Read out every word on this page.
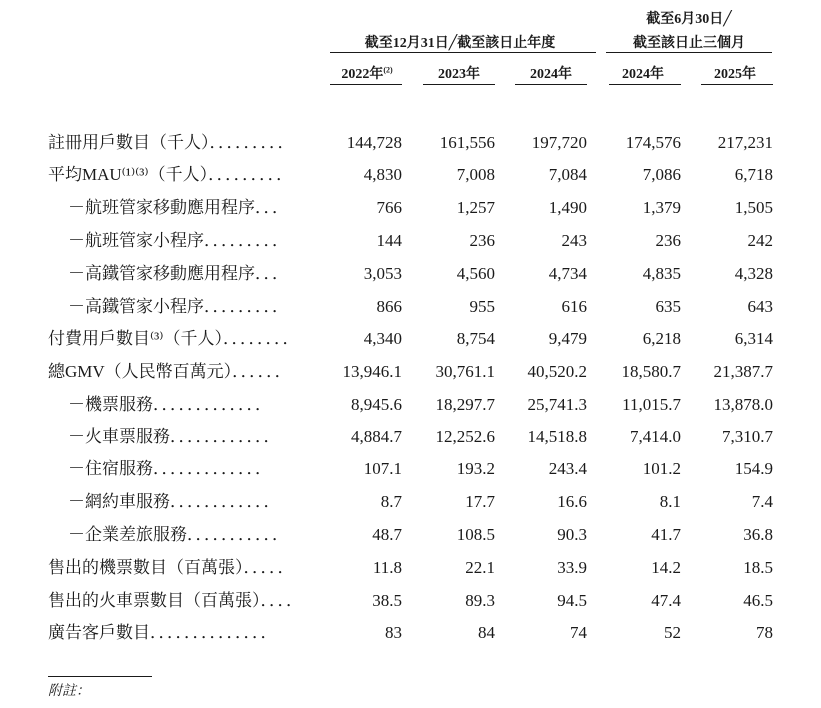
截至12月31日╱截至該日止年度
截至6月30日╱
截至該日止三個月
2022年$^{(2)}$	2023年	2024年	2024年	2025年
註冊用戶數目（千人）．．．．．．．．．	144,728	161,556	197,720	174,576	217,231
平均MAU⁽¹⁾⁽³⁾（千人）．．．．．．．．．	4,830	7,008	7,084	7,086	6,718
－航班管家移動應用程序．．．	766	1,257	1,490	1,379	1,505
－航班管家小程序．．．．．．．．．	144	236	243	236	242
－高鐵管家移動應用程序．．．	3,053	4,560	4,734	4,835	4,328
－高鐵管家小程序．．．．．．．．．	866	955	616	635	643
付費用戶數目⁽³⁾（千人）．．．．．．．．	4,340	8,754	9,479	6,218	6,314
總GMV（人民幣百萬元）．．．．．．	13,946.1	30,761.1	40,520.2	18,580.7	21,387.7
－機票服務．．．．．．．．．．．．．	8,945.6	18,297.7	25,741.3	11,015.7	13,878.0
－火車票服務．．．．．．．．．．．．	4,884.7	12,252.6	14,518.8	7,414.0	7,310.7
－住宿服務．．．．．．．．．．．．．	107.1	193.2	243.4	101.2	154.9
－網約車服務．．．．．．．．．．．．	8.7	17.7	16.6	8.1	7.4
－企業差旅服務．．．．．．．．．．．	48.7	108.5	90.3	41.7	36.8
售出的機票數目（百萬張）．．．．．	11.8	22.1	33.9	14.2	18.5
售出的火車票數目（百萬張）．．．．	38.5	89.3	94.5	47.4	46.5
廣告客戶數目．．．．．．．．．．．．．．	83	84	74	52	78
附註：
